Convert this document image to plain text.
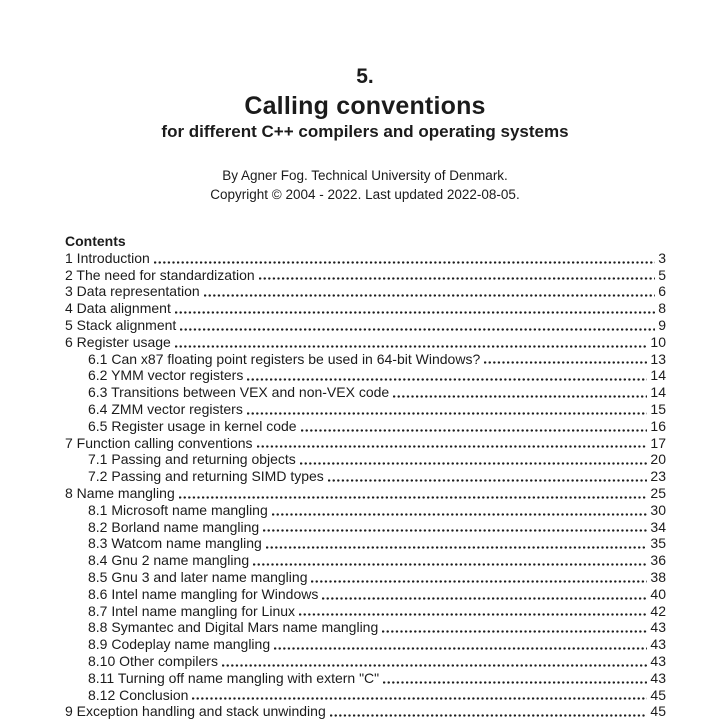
5.
Calling conventions
for different C++ compilers and operating systems
By Agner Fog. Technical University of Denmark.
Copyright © 2004 - 2022. Last updated 2022-08-05.
Contents
1 Introduction	3
2 The need for standardization	5
3 Data representation	6
4 Data alignment	8
5 Stack alignment	9
6 Register usage	10
6.1 Can x87 floating point registers be used in 64-bit Windows?	13
6.2 YMM vector registers	14
6.3 Transitions between VEX and non-VEX code	14
6.4 ZMM vector registers	15
6.5 Register usage in kernel code	16
7 Function calling conventions	17
7.1 Passing and returning objects	20
7.2 Passing and returning SIMD types	23
8 Name mangling	25
8.1 Microsoft name mangling	30
8.2 Borland name mangling	34
8.3 Watcom name mangling	35
8.4 Gnu 2 name mangling	36
8.5 Gnu 3 and later name mangling	38
8.6 Intel name mangling for Windows	40
8.7 Intel name mangling for Linux	42
8.8 Symantec and Digital Mars name mangling	43
8.9 Codeplay name mangling	43
8.10 Other compilers	43
8.11 Turning off name mangling with extern "C"	43
8.12 Conclusion	45
9 Exception handling and stack unwinding	45
